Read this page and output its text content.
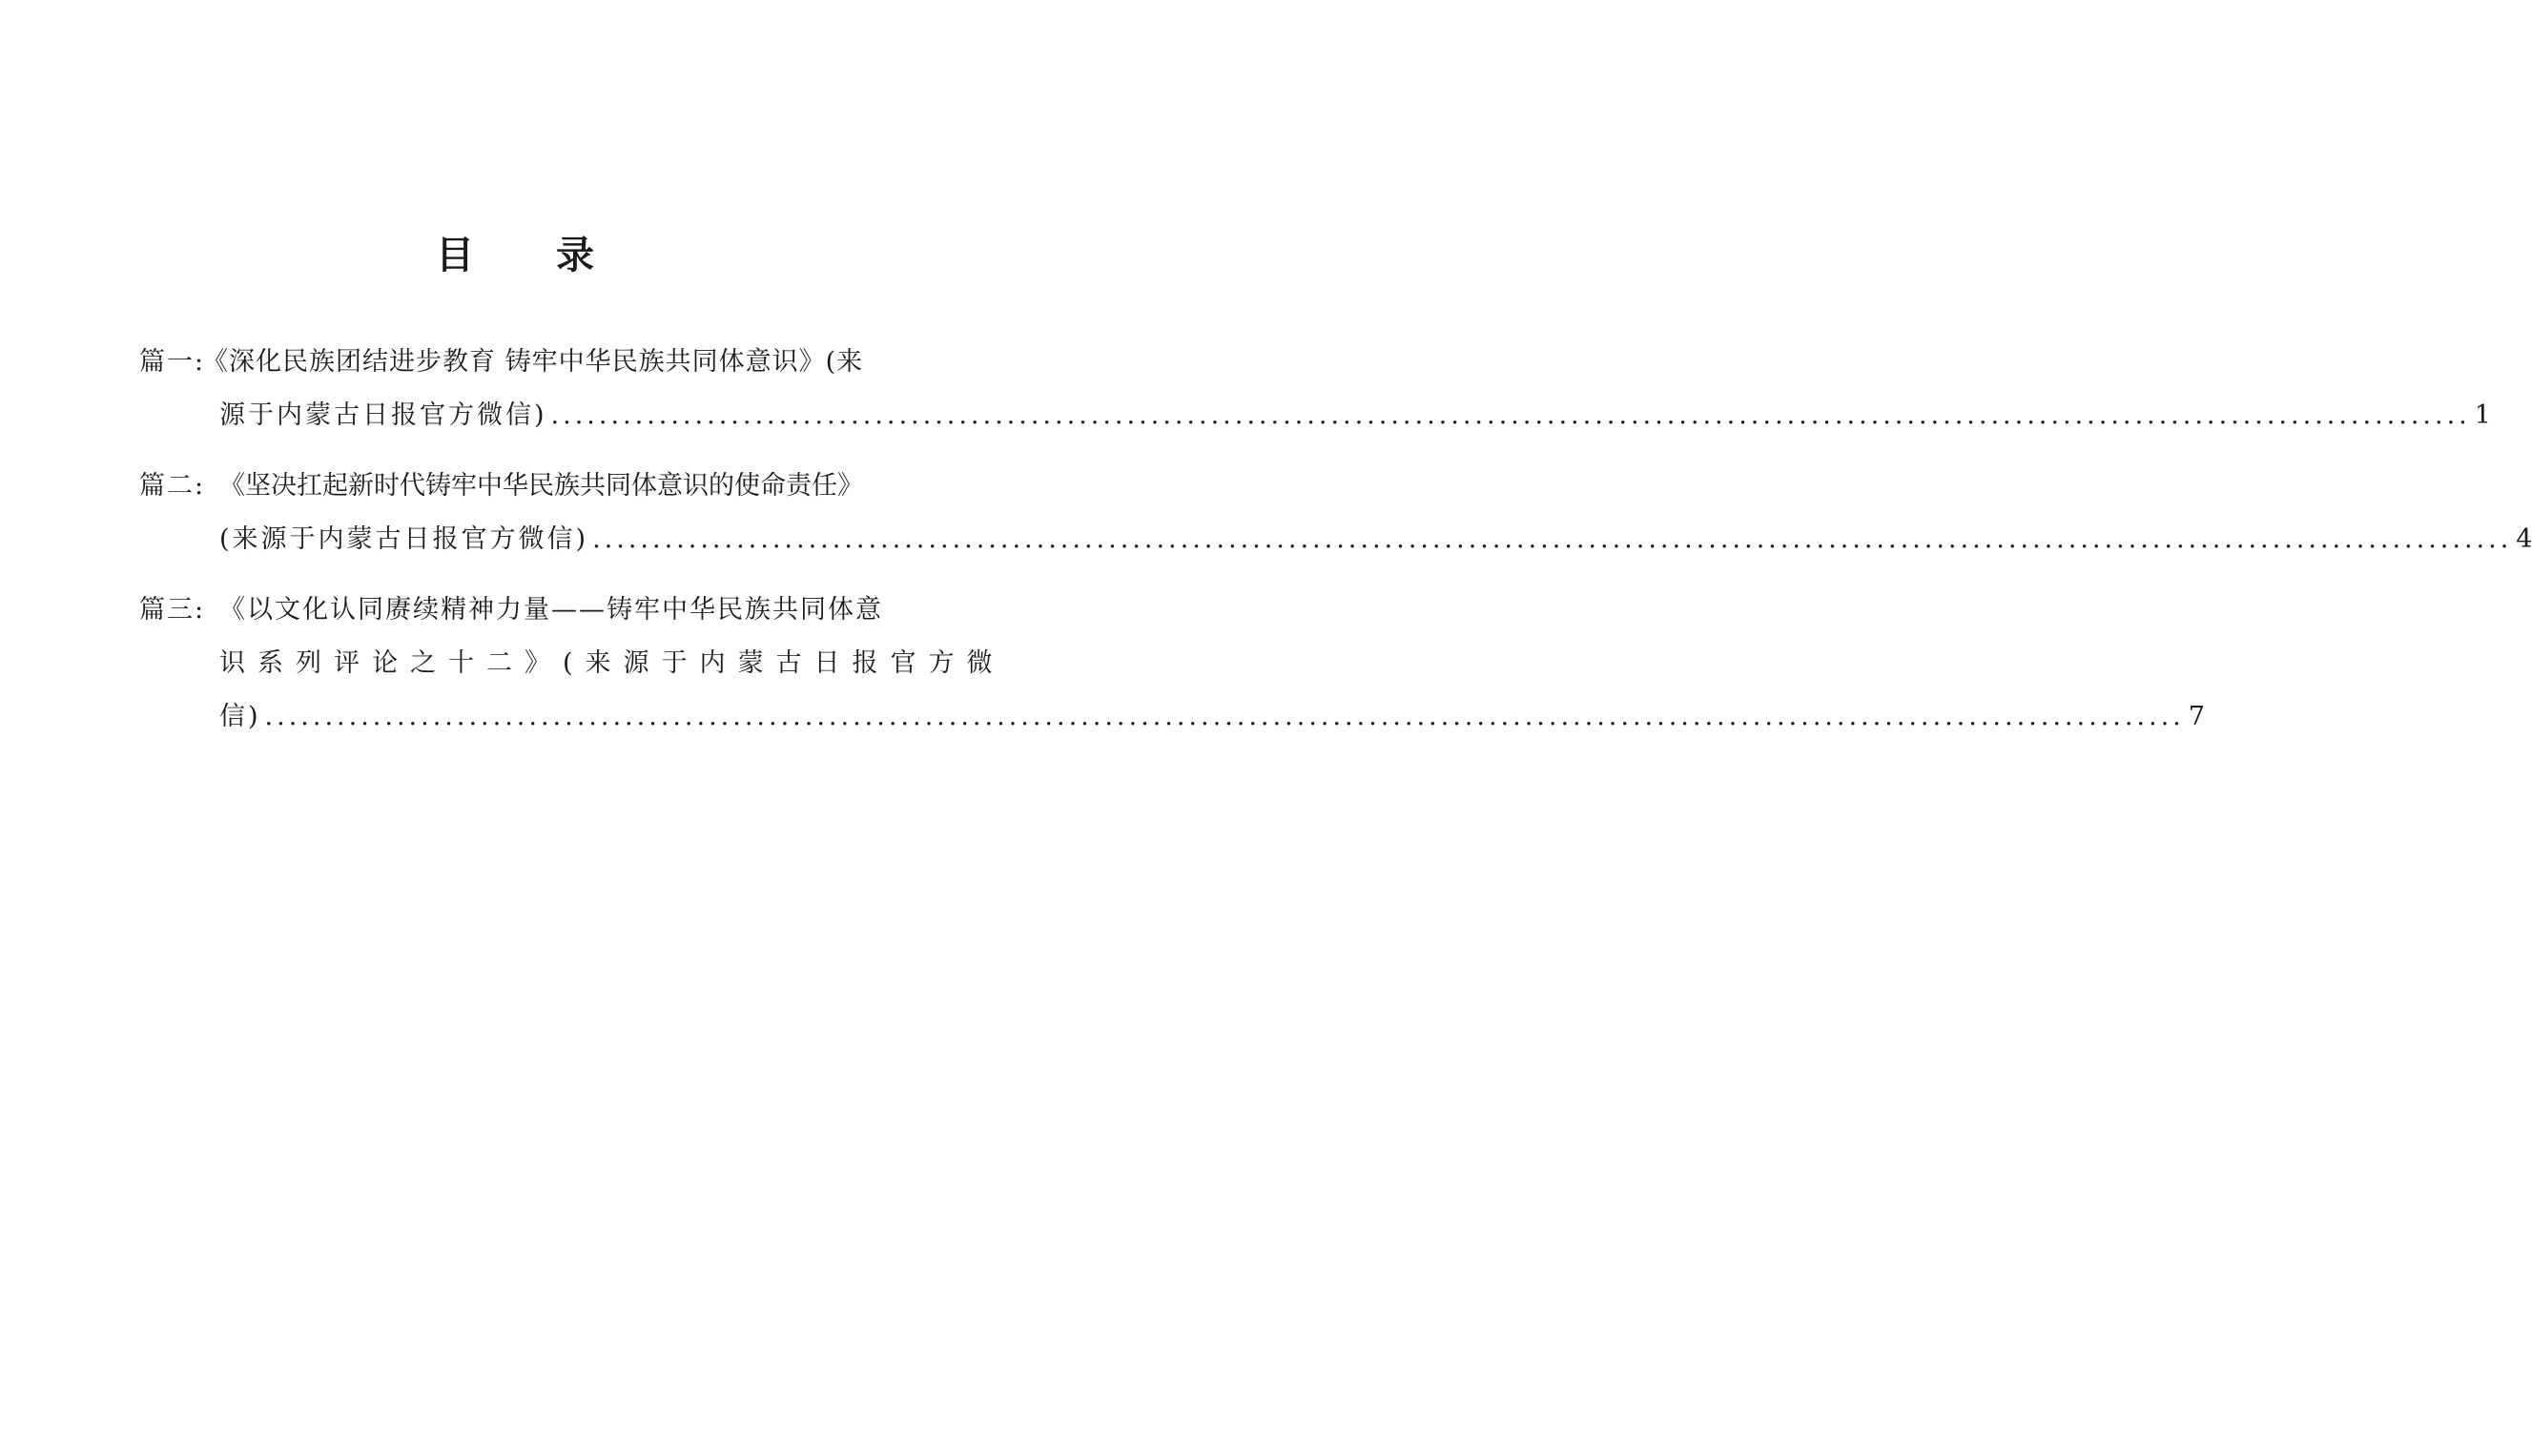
目 录
篇一:
《深化民族团结进步教育 铸牢中华民族共同体意识》(来
源于内蒙古日报官方微信) .....	1
篇二: 《坚决扛起新时代铸牢中华民族共同体意识的使命责任》
(来源于内蒙古日报官方微信) .....	4
篇三: 《以文化认同赓续精神力量——铸牢中华民族共同体意
识系列评论之十二》(来源于内蒙古日报官方微
信) .....	7
